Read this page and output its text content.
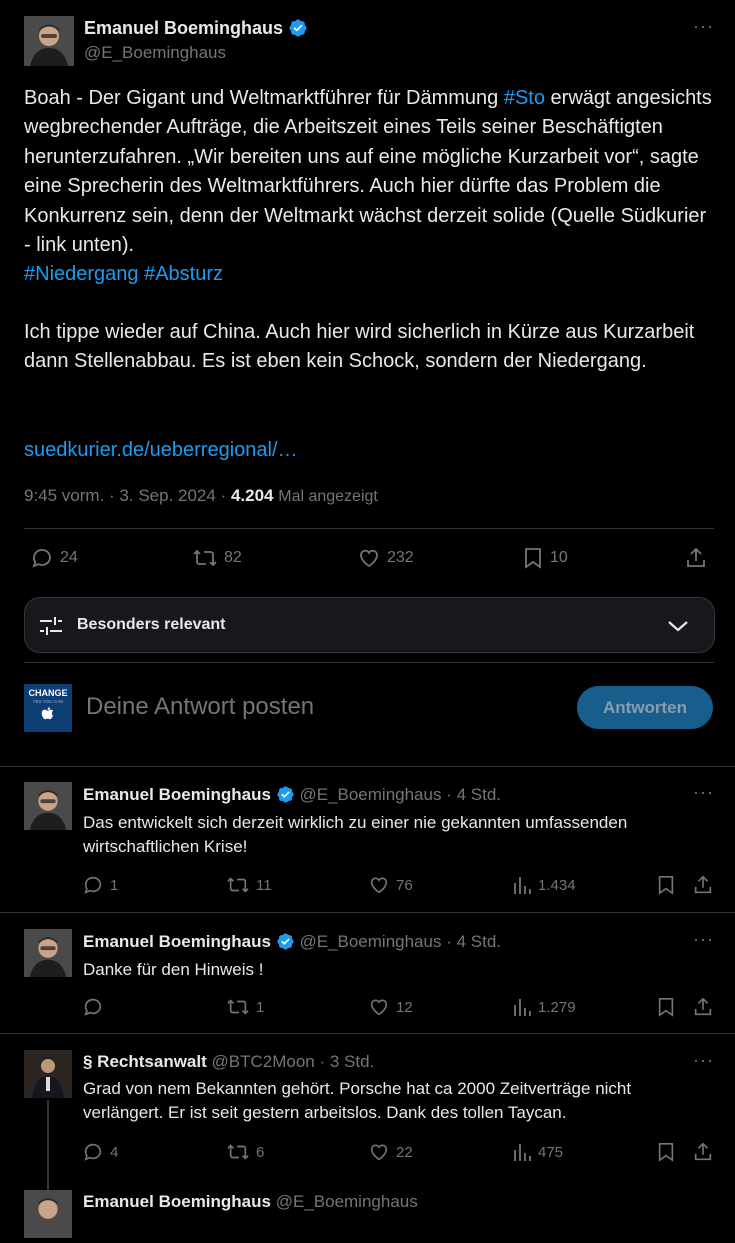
Emanuel Boeminghaus
@E_Boeminghaus
···
Boah - Der Gigant und Weltmarktführer für Dämmung #Sto erwägt angesichts wegbrechender Aufträge, die Arbeitszeit eines Teils seiner Beschäftigten herunterzufahren. „Wir bereiten uns auf eine mögliche Kurzarbeit vor“, sagte eine Sprecherin des Weltmarktführers. Auch hier dürfte das Problem die Konkurrenz sein, denn der Weltmarkt wächst derzeit solide (Quelle Südkurier - link unten).
#Niedergang #Absturz
Ich tippe wieder auf China. Auch hier wird sicherlich in Kürze aus Kurzarbeit dann Stellenabbau. Es ist eben kein Schock, sondern der Niedergang.
suedkurier.de/ueberregional/…
9:45 vorm. · 3. Sep. 2024 · 4.204 Mal angezeigt
24	82	232	10
Besonders relevant
CHANGE
YES YOU CAN Deine Antwort posten	Antworten
Emanuel Boeminghaus @E_Boeminghaus · 4 Std.	···
Das entwickelt sich derzeit wirklich zu einer nie gekannten umfassenden wirtschaftlichen Krise!
1	11	76	1.434
Emanuel Boeminghaus @E_Boeminghaus · 4 Std.	···
Danke für den Hinweis !
1	12	1.279
§ Rechtsanwalt @BTC2Moon · 3 Std.	···
Grad von nem Bekannten gehört. Porsche hat ca 2000 Zeitverträge nicht verlängert. Er ist seit gestern arbeitslos. Dank des tollen Taycan.
4	6	22	475
Emanuel Boeminghaus @E_Boeminghaus
